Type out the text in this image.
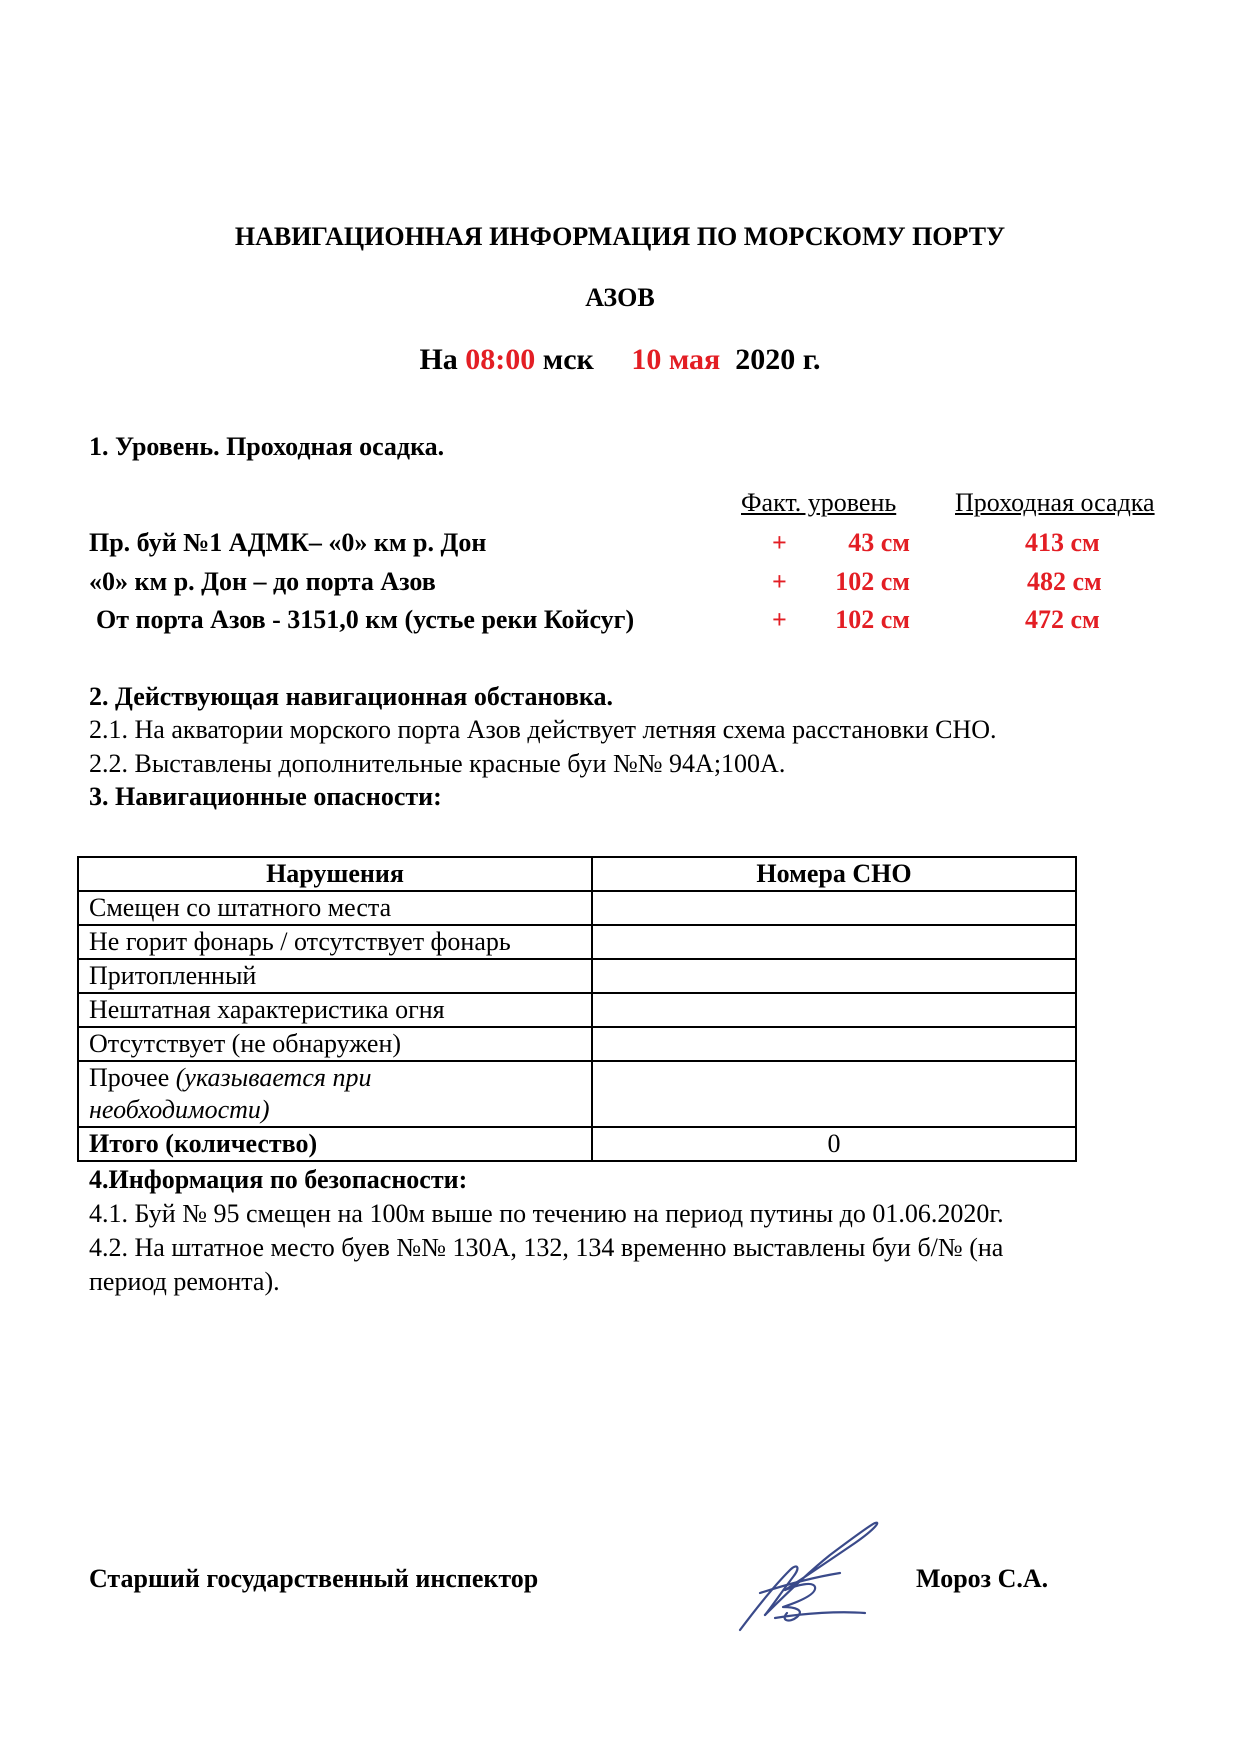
НАВИГАЦИОННАЯ ИНФОРМАЦИЯ ПО МОРСКОМУ ПОРТУ
АЗОВ
На 08:00 мск 10 мая 2020 г.
1. Уровень. Проходная осадка.
Факт. уровень Проходная осадка
Пр. буй №1 АДМК– «0» км р. Дон	+	43 см	413 см
«0» км р. Дон – до порта Азов	+	102 см	482 см
От порта Азов - 3151,0 км (устье реки Койсуг)	+	102 см	472 см
2. Действующая навигационная обстановка.
2.1. На акватории морского порта Азов действует летняя схема расстановки СНО.
2.2. Выставлены дополнительные красные буи №№ 94А;100А.
3. Навигационные опасности:
Нарушения	Номера СНО
Смещен со штатного места	
Не горит фонарь / отсутствует фонарь	
Притопленный	
Нештатная характеристика огня	
Отсутствует (не обнаружен)	
Прочее (указывается при
необходимости)	
Итого (количество)	0
4.Информация по безопасности:
4.1. Буй № 95 смещен на 100м выше по течению на период путины до 01.06.2020г.
4.2. На штатное место буев №№ 130А, 132, 134 временно выставлены буи б/№ (на
период ремонта).
Старший государственный инспектор	Мороз С.А.
